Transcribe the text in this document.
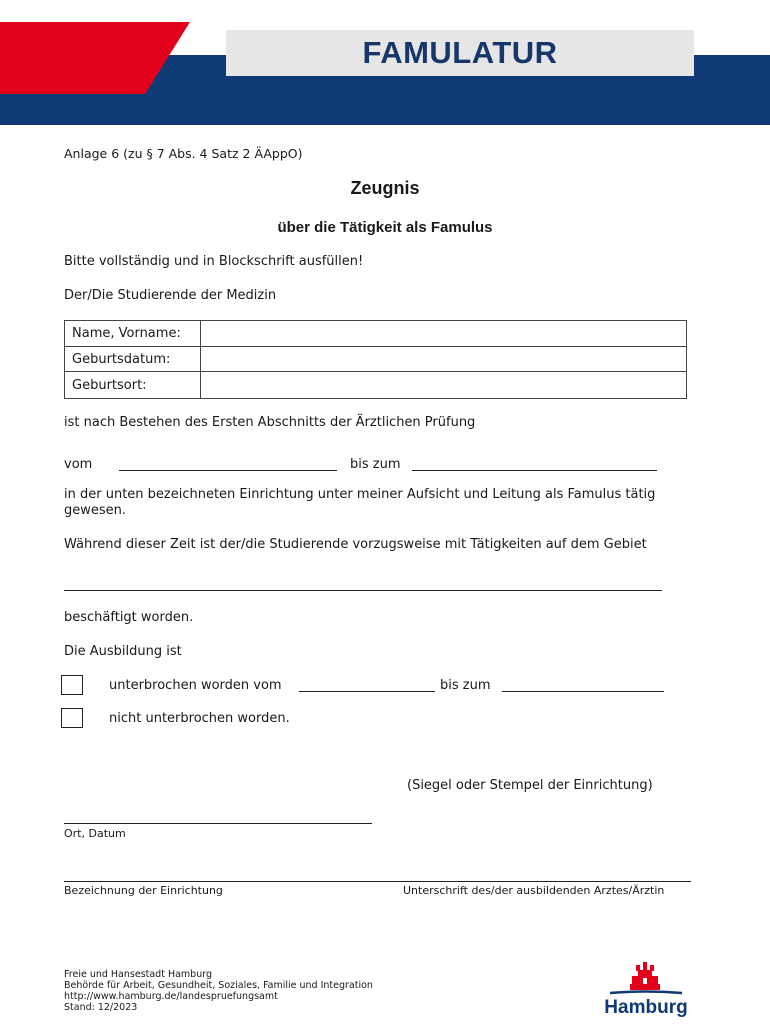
FAMULATUR
Anlage 6 (zu § 7 Abs. 4 Satz 2 ÄAppO)
Zeugnis
über die Tätigkeit als Famulus
Bitte vollständig und in Blockschrift ausfüllen!
Der/Die Studierende der Medizin
Name, Vorname:	
Geburtsdatum:	
Geburtsort:	
ist nach Bestehen des Ersten Abschnitts der Ärztlichen Prüfung
vom	bis zum
in der unten bezeichneten Einrichtung unter meiner Aufsicht und Leitung als Famulus tätig gewesen.
Während dieser Zeit ist der/die Studierende vorzugsweise mit Tätigkeiten auf dem Gebiet
beschäftigt worden.
Die Ausbildung ist
unterbrochen worden vom	bis zum
nicht unterbrochen worden.
(Siegel oder Stempel der Einrichtung)
Ort, Datum
Bezeichnung der Einrichtung	Unterschrift des/der ausbildenden Arztes/Ärztin
Freie und Hansestadt Hamburg
Behörde für Arbeit, Gesundheit, Soziales, Familie und Integration
http://www.hamburg.de/landespruefungsamt
Stand: 12/2023	Hamburg
